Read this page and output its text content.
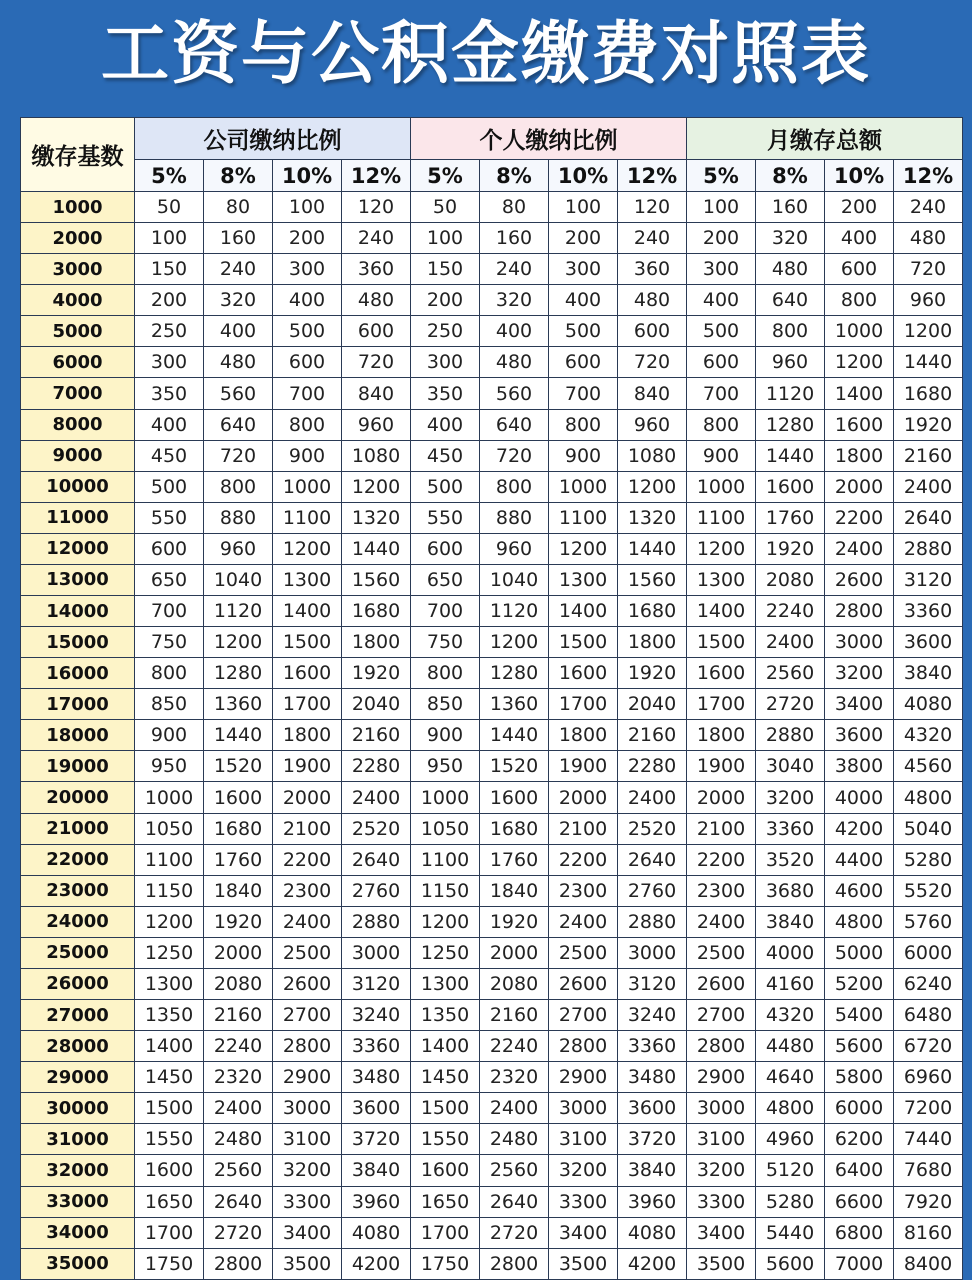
工资与公积金缴费对照表
缴存基数	公司缴纳比例				个人缴纳比例				月缴存总额			
	5%	8%	10%	12%	5%	8%	10%	12%	5%	8%	10%	12%
1000	50	80	100	120	50	80	100	120	100	160	200	240
2000	100	160	200	240	100	160	200	240	200	320	400	480
3000	150	240	300	360	150	240	300	360	300	480	600	720
4000	200	320	400	480	200	320	400	480	400	640	800	960
5000	250	400	500	600	250	400	500	600	500	800	1000	1200
6000	300	480	600	720	300	480	600	720	600	960	1200	1440
7000	350	560	700	840	350	560	700	840	700	1120	1400	1680
8000	400	640	800	960	400	640	800	960	800	1280	1600	1920
9000	450	720	900	1080	450	720	900	1080	900	1440	1800	2160
10000	500	800	1000	1200	500	800	1000	1200	1000	1600	2000	2400
11000	550	880	1100	1320	550	880	1100	1320	1100	1760	2200	2640
12000	600	960	1200	1440	600	960	1200	1440	1200	1920	2400	2880
13000	650	1040	1300	1560	650	1040	1300	1560	1300	2080	2600	3120
14000	700	1120	1400	1680	700	1120	1400	1680	1400	2240	2800	3360
15000	750	1200	1500	1800	750	1200	1500	1800	1500	2400	3000	3600
16000	800	1280	1600	1920	800	1280	1600	1920	1600	2560	3200	3840
17000	850	1360	1700	2040	850	1360	1700	2040	1700	2720	3400	4080
18000	900	1440	1800	2160	900	1440	1800	2160	1800	2880	3600	4320
19000	950	1520	1900	2280	950	1520	1900	2280	1900	3040	3800	4560
20000	1000	1600	2000	2400	1000	1600	2000	2400	2000	3200	4000	4800
21000	1050	1680	2100	2520	1050	1680	2100	2520	2100	3360	4200	5040
22000	1100	1760	2200	2640	1100	1760	2200	2640	2200	3520	4400	5280
23000	1150	1840	2300	2760	1150	1840	2300	2760	2300	3680	4600	5520
24000	1200	1920	2400	2880	1200	1920	2400	2880	2400	3840	4800	5760
25000	1250	2000	2500	3000	1250	2000	2500	3000	2500	4000	5000	6000
26000	1300	2080	2600	3120	1300	2080	2600	3120	2600	4160	5200	6240
27000	1350	2160	2700	3240	1350	2160	2700	3240	2700	4320	5400	6480
28000	1400	2240	2800	3360	1400	2240	2800	3360	2800	4480	5600	6720
29000	1450	2320	2900	3480	1450	2320	2900	3480	2900	4640	5800	6960
30000	1500	2400	3000	3600	1500	2400	3000	3600	3000	4800	6000	7200
31000	1550	2480	3100	3720	1550	2480	3100	3720	3100	4960	6200	7440
32000	1600	2560	3200	3840	1600	2560	3200	3840	3200	5120	6400	7680
33000	1650	2640	3300	3960	1650	2640	3300	3960	3300	5280	6600	7920
34000	1700	2720	3400	4080	1700	2720	3400	4080	3400	5440	6800	8160
35000	1750	2800	3500	4200	1750	2800	3500	4200	3500	5600	7000	8400
